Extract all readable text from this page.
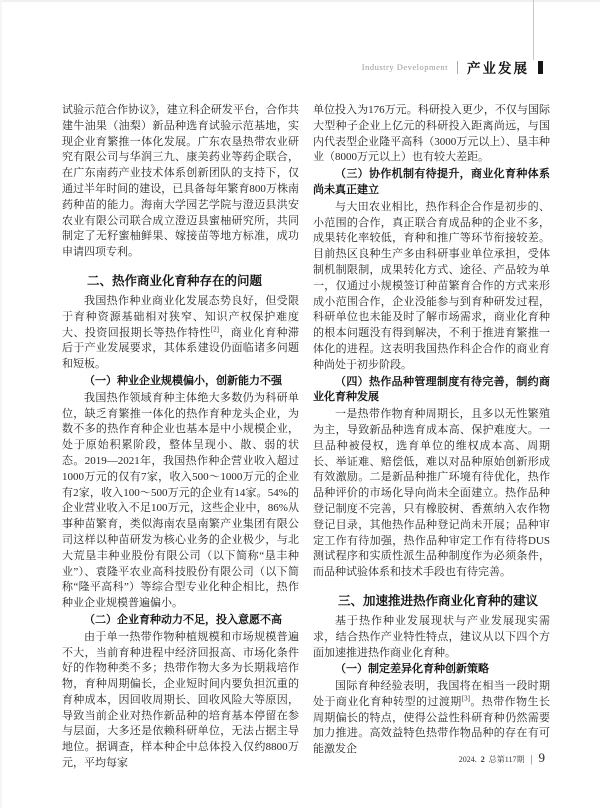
Industry Development 产业发展
试验示范合作协议》，建立科企研发平台，合作共建牛油果（油梨）新品种选育试验示范基地，实现企业育繁推一体化发展。广东农垦热带农业研究有限公司与华润三九、康美药业等药企联合，在广东南药产业技术体系创新团队的支持下，仅通过半年时间的建设，已具备每年繁育800万株南药种苗的能力。海南大学园艺学院与澄迈县洪安农业有限公司联合成立澄迈县蜜柚研究所，共同制定了无籽蜜柚鲜果、嫁接苗等地方标准，成功申请四项专利。
二、热作商业化育种存在的问题
我国热作种业商业化发展态势良好，但受限于育种资源基础相对狭窄、知识产权保护难度大、投资回报期长等热作特性[2]，商业化育种滞后于产业发展要求，其体系建设仍面临诸多问题和短板。
（一）种业企业规模偏小，创新能力不强
我国热作领域育种主体绝大多数仍为科研单位，缺乏育繁推一体化的热作育种龙头企业，为数不多的热作育种企业也基本是中小规模企业，处于原始积累阶段，整体呈现小、散、弱的状态。2019—2021年，我国热作种企营业收入超过1000万元的仅有7家，收入500～1000万元的企业有2家，收入100～500万元的企业有14家。54%的企业营业收入不足100万元，这些企业中，86%从事种苗繁育，类似海南农垦南繁产业集团有限公司这样以种苗研发为核心业务的企业极少，与北大荒垦丰种业股份有限公司（以下简称“垦丰种业”）、袁隆平农业高科技股份有限公司（以下简称“隆平高科”）等综合型专业化种企相比，热作种业企业规模普遍偏小。
（二）企业育种动力不足，投入意愿不高
由于单一热带作物种植规模和市场规模普遍不大，当前育种进程中经济回报高、市场化条件好的作物种类不多；热带作物大多为长期栽培作物，育种周期偏长，企业短时间内要负担沉重的育种成本，因回收周期长、回收风险大等原因，导致当前企业对热作新品种的培育基本停留在参与层面，大多还是依赖科研单位，无法占据主导地位。据调查，样本种企中总体投入仅约8800万元，平均每家
单位投入为176万元。科研投入更少，不仅与国际大型种子企业上亿元的科研投入距离尚远，与国内代表型企业隆平高科（3000万元以上）、垦丰种业（8000万元以上）也有较大差距。
（三）协作机制有待提升，商业化育种体系尚未真正建立
与大田农业相比，热作科企合作是初步的、小范围的合作，真正联合育成品种的企业不多，成果转化率较低，育种和推广等环节衔接较差。目前热区良种生产多由科研事业单位承担，受体制机制限制，成果转化方式、途径、产品较为单一，仅通过小规模签订种苗繁育合作的方式来形成小范围合作，企业没能参与到育种研发过程，科研单位也未能及时了解市场需求，商业化育种的根本问题没有得到解决，不利于推进育繁推一体化的进程。这表明我国热作科企合作的商业育种尚处于初步阶段。
（四）热作品种管理制度有待完善，制约商业化育种发展
一是热带作物育种周期长，且多以无性繁殖为主，导致新品种选育成本高、保护难度大。一旦品种被侵权，选育单位的维权成本高、周期长、举证难、赔偿低，难以对品种原始创新形成有效激励。二是新品种推广环境有待优化，热作品种评价的市场化导向尚未全面建立。热作品种登记制度不完善，只有橡胶树、香蕉纳入农作物登记目录，其他热作品种登记尚未开展；品种审定工作有待加强，热作品种审定工作有待将DUS测试程序和实质性派生品种制度作为必须条件，而品种试验体系和技术手段也有待完善。
三、加速推进热作商业化育种的建议
基于热作种业发展现状与产业发展现实需求，结合热作产业特性特点，建议从以下四个方面加速推进热作商业化育种。
（一）制定差异化育种创新策略
国际育种经验表明，我国将在相当一段时期处于商业化育种转型的过渡期[3]。热带作物生长周期偏长的特点，使得公益性科研育种仍然需要加力推进。高效益特色热带作物品种的存在有可能激发企
2024. 2 总第117期 | 9
